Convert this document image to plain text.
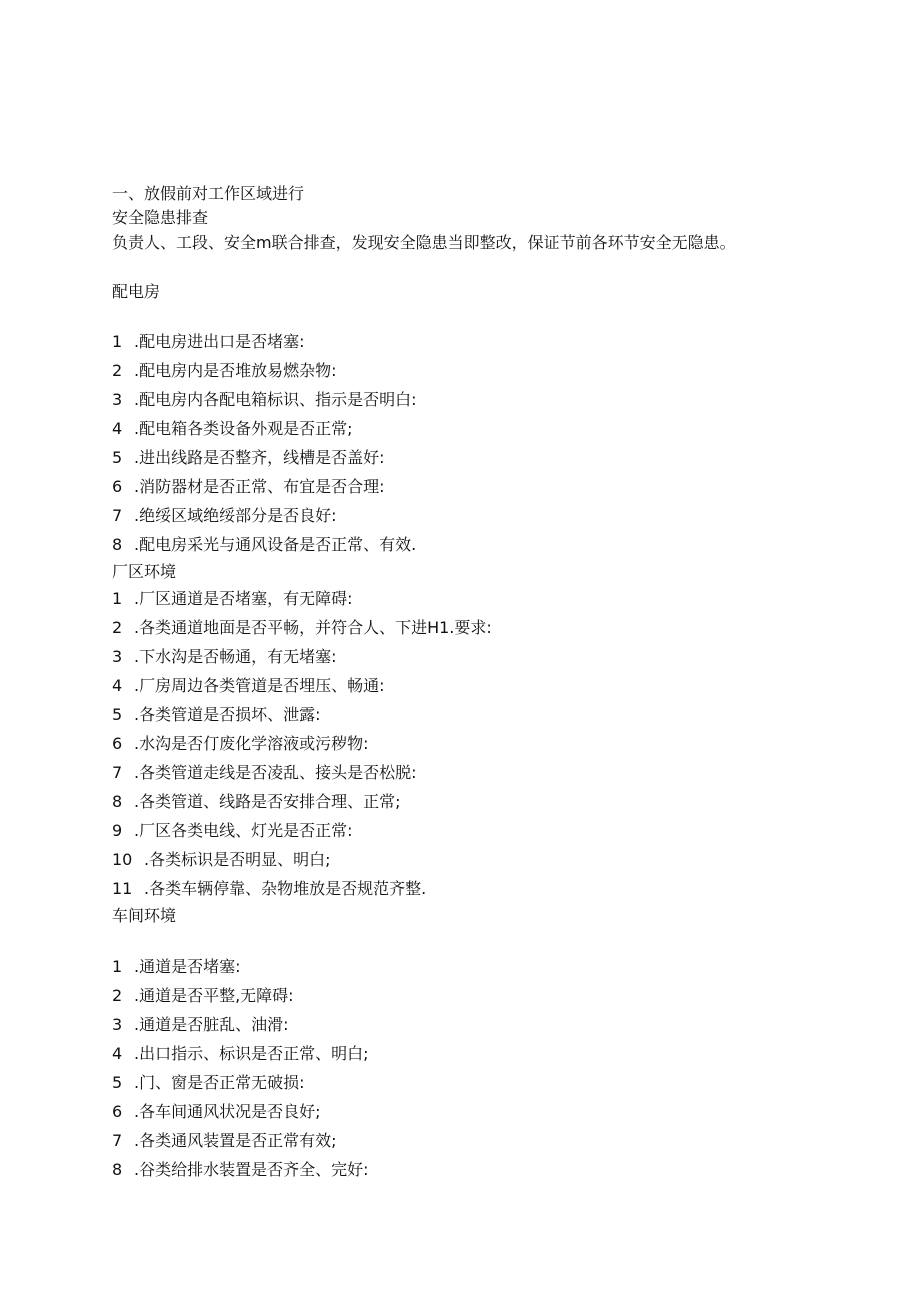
一、放假前对工作区域进行
安全隐患排查
负责人、工段、安全m联合排查，发现安全隐患当即整改，保证节前各环节安全无隐患。
配电房
1 .配电房进出口是否堵塞:
2 .配电房内是否堆放易燃杂物:
3 .配电房内各配电箱标识、指示是否明白:
4 .配电箱各类设备外观是否正常;
5 .进出线路是否整齐，线槽是否盖好:
6 .消防器材是否正常、布宜是否合理:
7 .绝绥区域绝绥部分是否良好:
8 .配电房采光与通风设备是否正常、有效.
厂区环境
1 .厂区通道是否堵塞，有无障碍:
2 .各类通道地面是否平畅，并符合人、下进H1.要求:
3 .下水沟是否畅通，有无堵塞:
4 .厂房周边各类管道是否埋压、畅通:
5 .各类管道是否损坏、泄露:
6 .水沟是否仃废化学溶液或污秽物:
7 .各类管道走线是否凌乱、接头是否松脱:
8 .各类管道、线路是否安排合理、正常;
9 .厂区各类电线、灯光是否正常:
10 .各类标识是否明显、明白;
11 .各类车辆停靠、杂物堆放是否规范齐整.
车间环境
1 .通道是否堵塞:
2 .通道是否平整,无障碍:
3 .通道是否脏乱、油滑:
4 .出口指示、标识是否正常、明白;
5 .门、窗是否正常无破损:
6 .各车间通风状况是否良好;
7 .各类通风装置是否正常有效;
8 .谷类给排水装置是否齐全、完好:
